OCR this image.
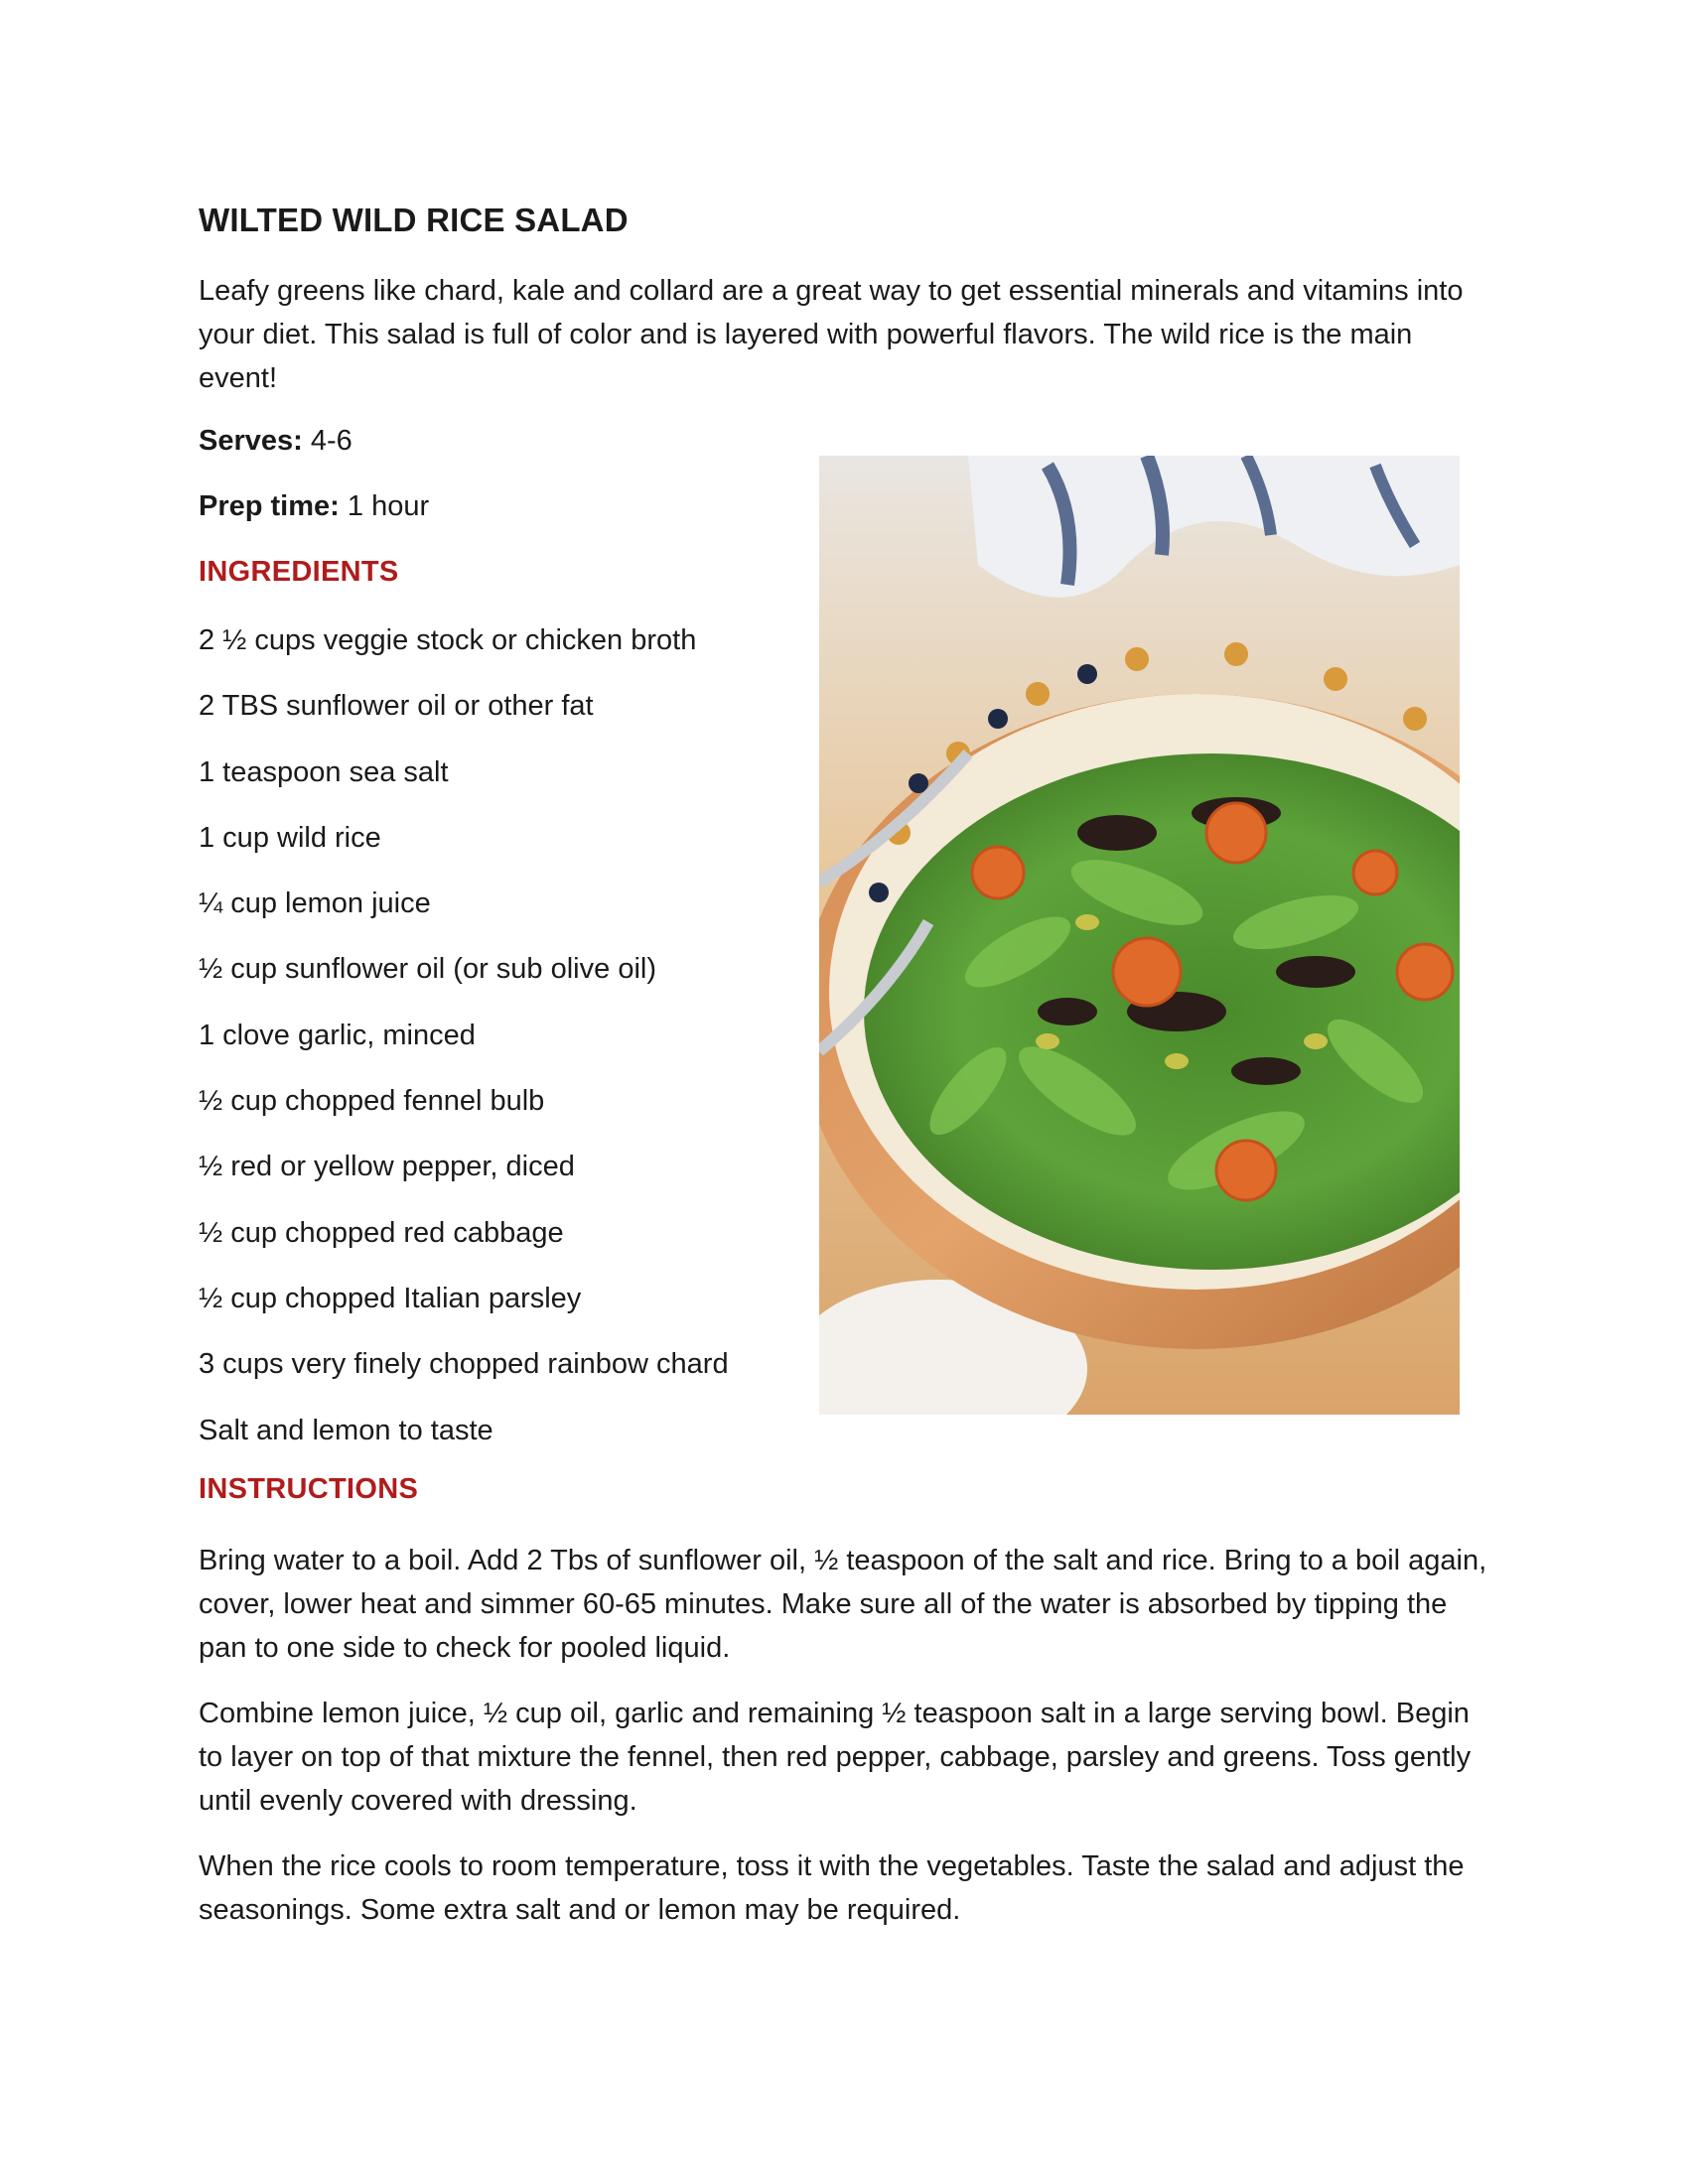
WILTED WILD RICE SALAD

Leafy greens like chard, kale and collard are a great way to get essential minerals and vitamins into your diet. This salad is full of color and is layered with powerful flavors. The wild rice is the main event!

Serves: 4-6

Prep time: 1 hour

INGREDIENTS
2 ½ cups veggie stock or chicken broth
2 TBS sunflower oil or other fat
1 teaspoon sea salt
1 cup wild rice
¼ cup lemon juice
½ cup sunflower oil (or sub olive oil)
1 clove garlic, minced
½ cup chopped fennel bulb
½ red or yellow pepper, diced
½ cup chopped red cabbage
½ cup chopped Italian parsley
3 cups very finely chopped rainbow chard
Salt and lemon to taste
INSTRUCTIONS

Bring water to a boil. Add 2 Tbs of sunflower oil, ½ teaspoon of the salt and rice. Bring to a boil again, cover, lower heat and simmer 60-65 minutes. Make sure all of the water is absorbed by tipping the pan to one side to check for pooled liquid.

Combine lemon juice, ½ cup oil, garlic and remaining ½ teaspoon salt in a large serving bowl. Begin to layer on top of that mixture the fennel, then red pepper, cabbage, parsley and greens. Toss gently until evenly covered with dressing.

When the rice cools to room temperature, toss it with the vegetables. Taste the salad and adjust the seasonings. Some extra salt and or lemon may be required.
